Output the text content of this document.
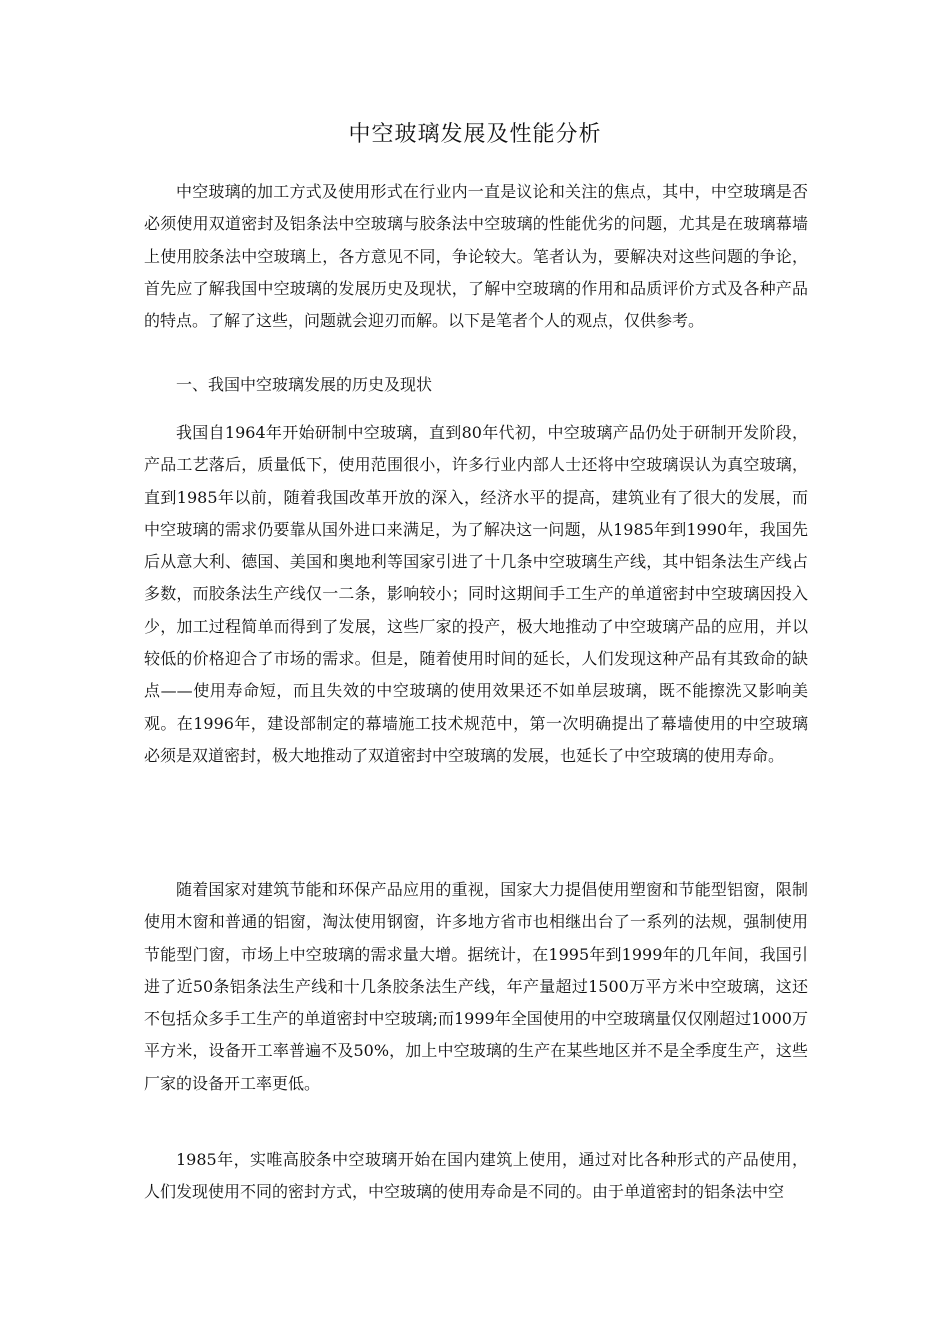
中空玻璃发展及性能分析

中空玻璃的加工方式及使用形式在行业内一直是议论和关注的焦点，其中，中空玻璃是否必须使用双道密封及铝条法中空玻璃与胶条法中空玻璃的性能优劣的问题，尤其是在玻璃幕墙上使用胶条法中空玻璃上，各方意见不同，争论较大。笔者认为，要解决对这些问题的争论，首先应了解我国中空玻璃的发展历史及现状，了解中空玻璃的作用和品质评价方式及各种产品的特点。了解了这些，问题就会迎刃而解。以下是笔者个人的观点，仅供参考。

一、我国中空玻璃发展的历史及现状

我国自1964年开始研制中空玻璃，直到80年代初，中空玻璃产品仍处于研制开发阶段，产品工艺落后，质量低下，使用范围很小，许多行业内部人士还将中空玻璃误认为真空玻璃，直到1985年以前，随着我国改革开放的深入，经济水平的提高，建筑业有了很大的发展，而中空玻璃的需求仍要靠从国外进口来满足，为了解决这一问题，从1985年到1990年，我国先后从意大利、德国、美国和奥地利等国家引进了十几条中空玻璃生产线，其中铝条法生产线占多数，而胶条法生产线仅一二条，影响较小；同时这期间手工生产的单道密封中空玻璃因投入少，加工过程简单而得到了发展，这些厂家的投产，极大地推动了中空玻璃产品的应用，并以较低的价格迎合了市场的需求。但是，随着使用时间的延长，人们发现这种产品有其致命的缺点——使用寿命短，而且失效的中空玻璃的使用效果还不如单层玻璃，既不能擦洗又影响美观。在1996年，建设部制定的幕墙施工技术规范中，第一次明确提出了幕墙使用的中空玻璃必须是双道密封，极大地推动了双道密封中空玻璃的发展，也延长了中空玻璃的使用寿命。

随着国家对建筑节能和环保产品应用的重视，国家大力提倡使用塑窗和节能型铝窗，限制使用木窗和普通的铝窗，淘汰使用钢窗，许多地方省市也相继出台了一系列的法规，强制使用节能型门窗，市场上中空玻璃的需求量大增。据统计，在1995年到1999年的几年间，我国引进了近50条铝条法生产线和十几条胶条法生产线，年产量超过1500万平方米中空玻璃，这还不包括众多手工生产的单道密封中空玻璃;而1999年全国使用的中空玻璃量仅仅刚超过1000万平方米，设备开工率普遍不及50%，加上中空玻璃的生产在某些地区并不是全季度生产，这些厂家的设备开工率更低。

1985年，实唯高胶条中空玻璃开始在国内建筑上使用，通过对比各种形式的产品使用，人们发现使用不同的密封方式，中空玻璃的使用寿命是不同的。由于单道密封的铝条法中空
